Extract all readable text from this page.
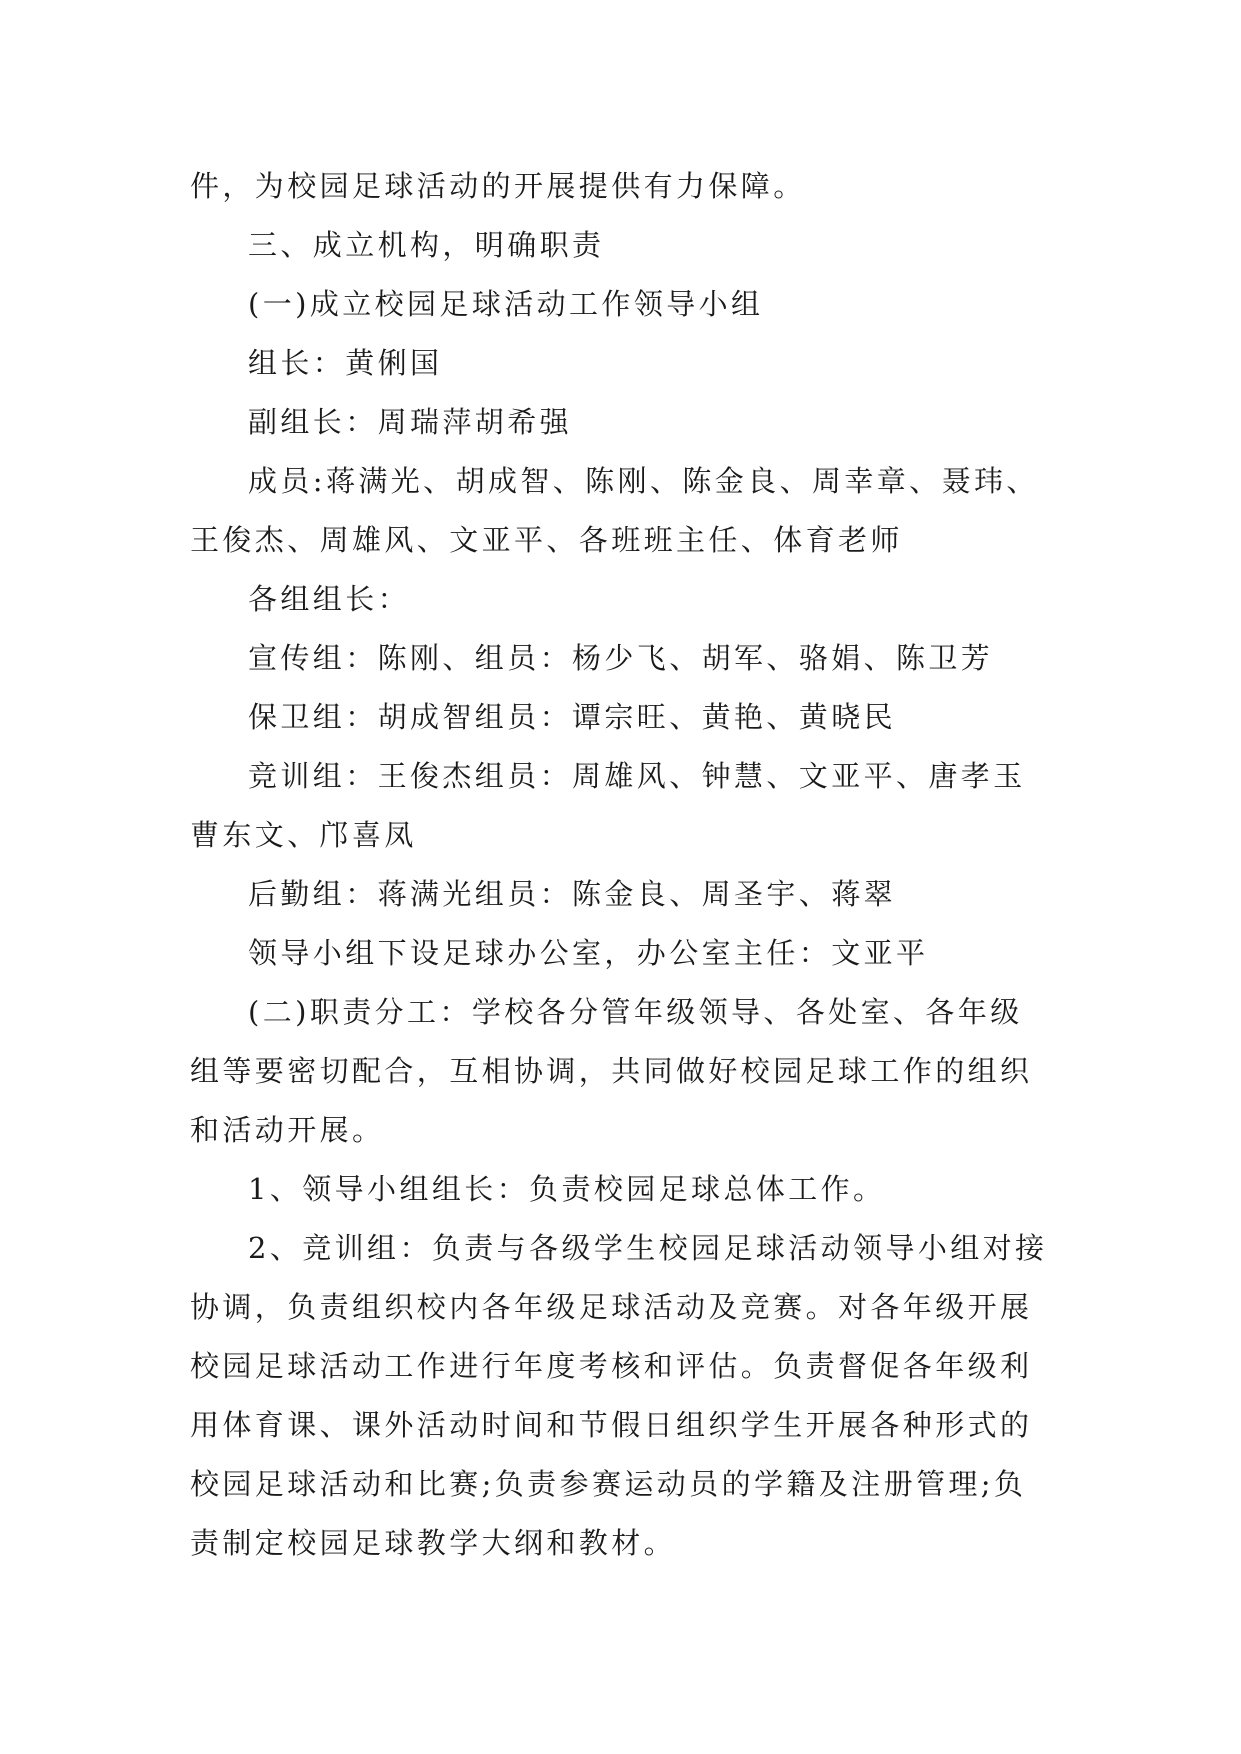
件，为校园足球活动的开展提供有力保障。

三、成立机构，明确职责

(一)成立校园足球活动工作领导小组

组长：黄俐国

副组长：周瑞萍胡希强

成员:蒋满光、胡成智、陈刚、陈金良、周幸章、聂玮、王俊杰、周雄风、文亚平、各班班主任、体育老师

各组组长：

宣传组：陈刚、组员：杨少飞、胡军、骆娟、陈卫芳

保卫组：胡成智组员：谭宗旺、黄艳、黄晓民

竞训组：王俊杰组员：周雄风、钟慧、文亚平、唐孝玉曹东文、邝喜凤

后勤组：蒋满光组员：陈金良、周圣宇、蒋翠

领导小组下设足球办公室，办公室主任：文亚平

(二)职责分工：学校各分管年级领导、各处室、各年级组等要密切配合，互相协调，共同做好校园足球工作的组织和活动开展。

1、领导小组组长：负责校园足球总体工作。

2、竞训组：负责与各级学生校园足球活动领导小组对接协调，负责组织校内各年级足球活动及竞赛。对各年级开展校园足球活动工作进行年度考核和评估。负责督促各年级利用体育课、课外活动时间和节假日组织学生开展各种形式的校园足球活动和比赛;负责参赛运动员的学籍及注册管理;负责制定校园足球教学大纲和教材。
